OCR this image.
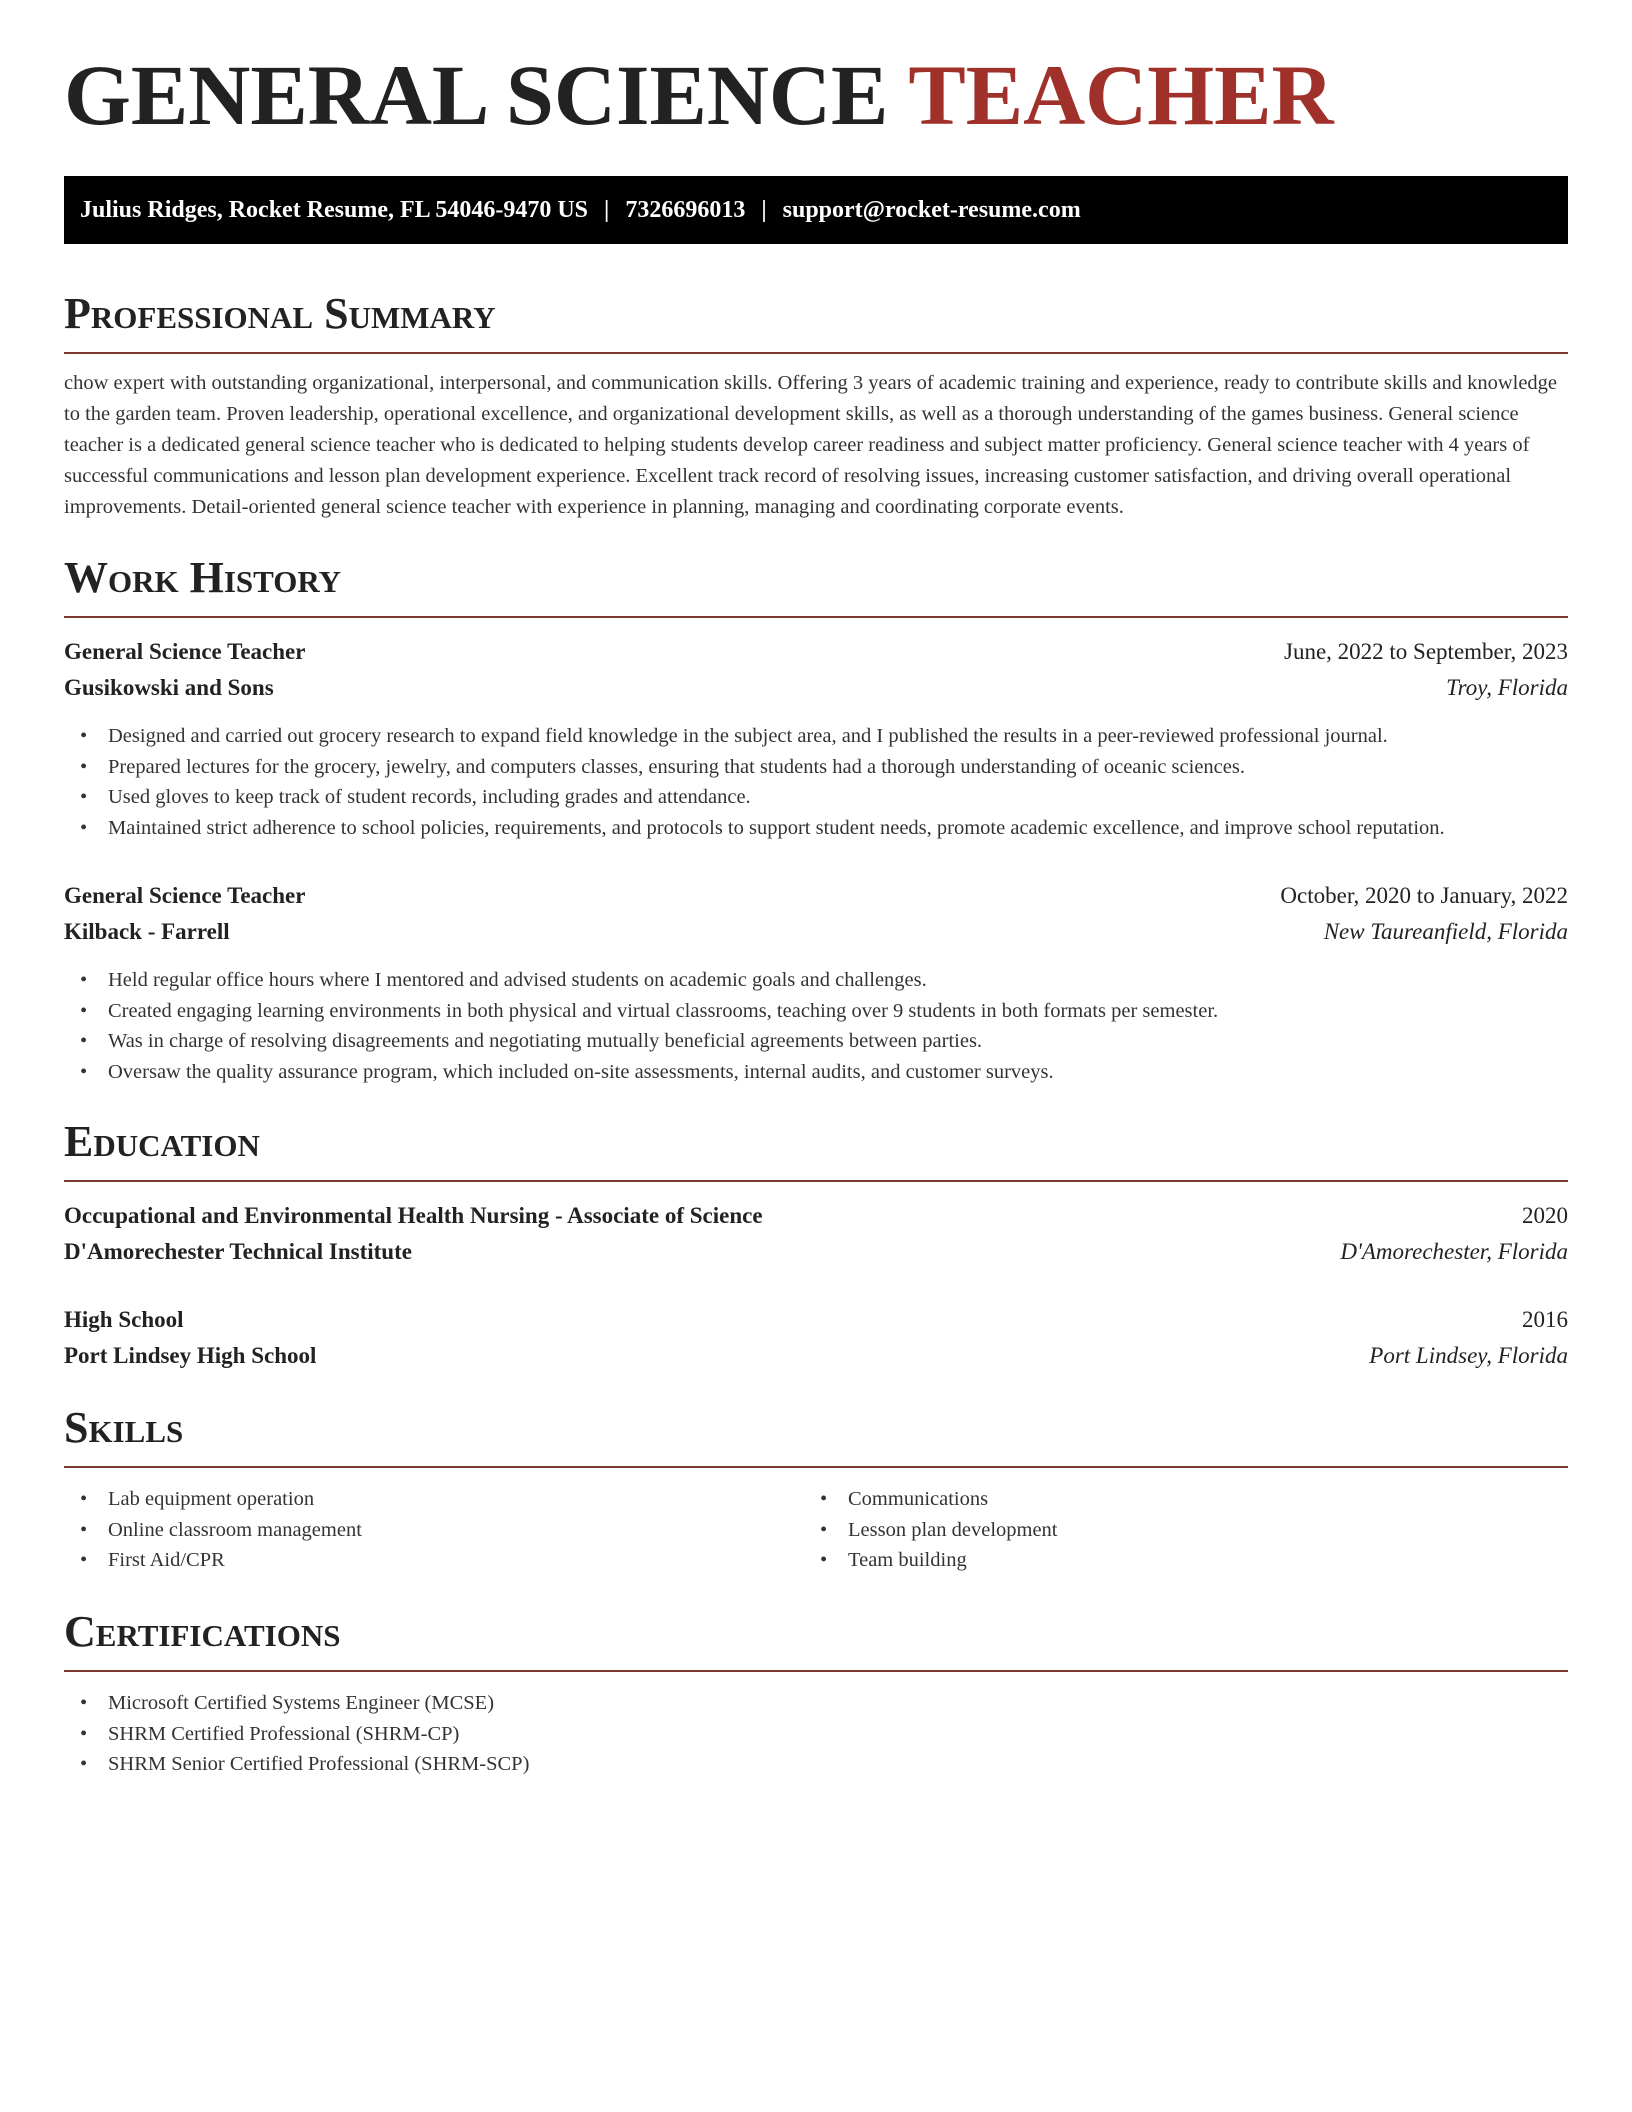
GENERAL SCIENCE TEACHER
Julius Ridges, Rocket Resume, FL 54046-9470 US | 7326696013 | support@rocket-resume.com
Professional Summary

chow expert with outstanding organizational, interpersonal, and communication skills. Offering 3 years of academic training and experience, ready to contribute skills and knowledge to the garden team. Proven leadership, operational excellence, and organizational development skills, as well as a thorough understanding of the games business. General science teacher is a dedicated general science teacher who is dedicated to helping students develop career readiness and subject matter proficiency. General science teacher with 4 years of successful communications and lesson plan development experience. Excellent track record of resolving issues, increasing customer satisfaction, and driving overall operational improvements. Detail-oriented general science teacher with experience in planning, managing and coordinating corporate events.

Work History
General Science Teacher	June, 2022 to September, 2023
Gusikowski and Sons	Troy, Florida
• Designed and carried out grocery research to expand field knowledge in the subject area, and I published the results in a peer-reviewed professional journal.
• Prepared lectures for the grocery, jewelry, and computers classes, ensuring that students had a thorough understanding of oceanic sciences.
• Used gloves to keep track of student records, including grades and attendance.
• Maintained strict adherence to school policies, requirements, and protocols to support student needs, promote academic excellence, and improve school reputation.
General Science Teacher	October, 2020 to January, 2022
Kilback - Farrell	New Taureanfield, Florida
• Held regular office hours where I mentored and advised students on academic goals and challenges.
• Created engaging learning environments in both physical and virtual classrooms, teaching over 9 students in both formats per semester.
• Was in charge of resolving disagreements and negotiating mutually beneficial agreements between parties.
• Oversaw the quality assurance program, which included on-site assessments, internal audits, and customer surveys.
Education
Occupational and Environmental Health Nursing - Associate of Science	2020
D'Amorechester Technical Institute	D'Amorechester, Florida
High School	2016
Port Lindsey High School	Port Lindsey, Florida
Skills
• Lab equipment operation
• Online classroom management
• First Aid/CPR
• Communications
• Lesson plan development
• Team building
Certifications
• Microsoft Certified Systems Engineer (MCSE)
• SHRM Certified Professional (SHRM-CP)
• SHRM Senior Certified Professional (SHRM-SCP)
